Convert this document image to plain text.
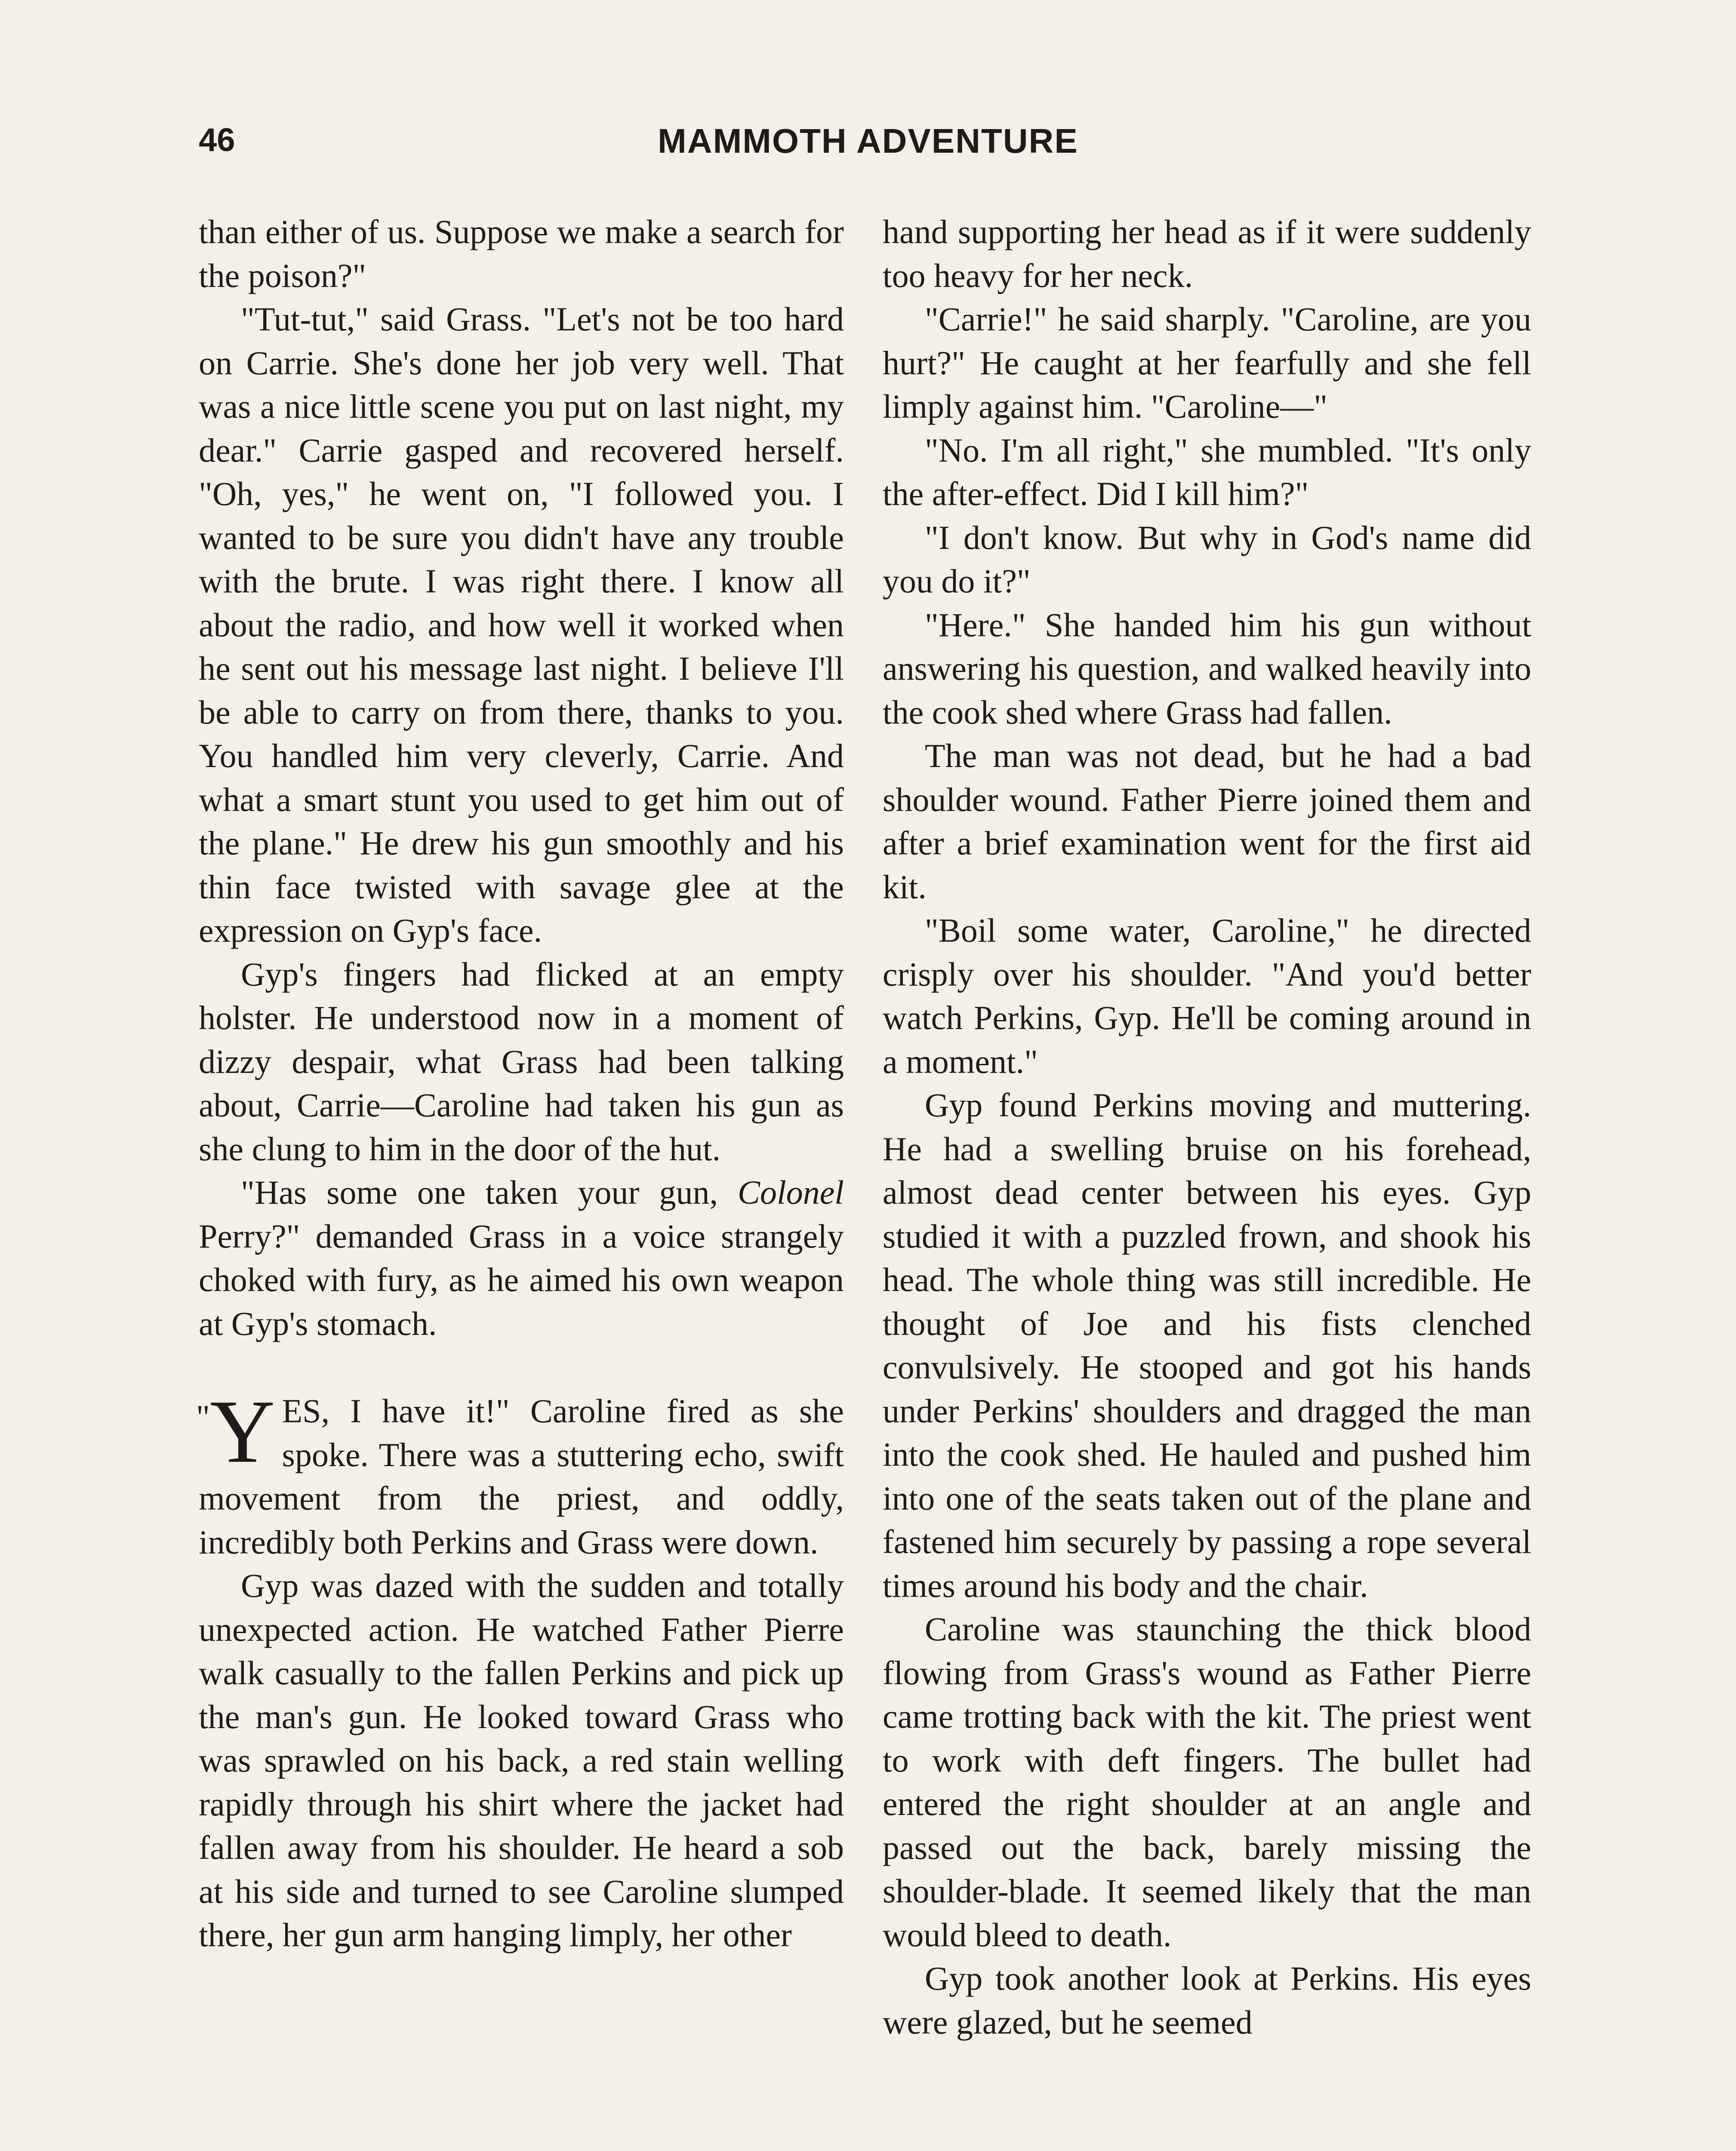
46	MAMMOTH ADVENTURE

than either of us. Suppose we make a search for the poison?"

"Tut-tut," said Grass. "Let's not be too hard on Carrie. She's done her job very well. That was a nice little scene you put on last night, my dear." Carrie gasped and recovered herself. "Oh, yes," he went on, "I followed you. I wanted to be sure you didn't have any trouble with the brute. I was right there. I know all about the radio, and how well it worked when he sent out his message last night. I believe I'll be able to carry on from there, thanks to you. You handled him very cleverly, Carrie. And what a smart stunt you used to get him out of the plane." He drew his gun smoothly and his thin face twisted with savage glee at the expression on Gyp's face.

Gyp's fingers had flicked at an empty holster. He understood now in a moment of dizzy despair, what Grass had been talking about, Carrie—Caroline had taken his gun as she clung to him in the door of the hut.

"Has some one taken your gun, Colonel Perry?" demanded Grass in a voice strangely choked with fury, as he aimed his own weapon at Gyp's stomach.

"Y ES, I have it!" Caroline fired as she spoke. There was a stuttering echo, swift movement from the priest, and oddly, incredibly both Perkins and Grass were down.

Gyp was dazed with the sudden and totally unexpected action. He watched Father Pierre walk casually to the fallen Perkins and pick up the man's gun. He looked toward Grass who was sprawled on his back, a red stain welling rapidly through his shirt where the jacket had fallen away from his shoulder. He heard a sob at his side and turned to see Caroline slumped there, her gun arm hanging limply, her other

hand supporting her head as if it were suddenly too heavy for her neck.

"Carrie!" he said sharply. "Caroline, are you hurt?" He caught at her fearfully and she fell limply against him. "Caroline—"

"No. I'm all right," she mumbled. "It's only the after-effect. Did I kill him?"

"I don't know. But why in God's name did you do it?"

"Here." She handed him his gun without answering his question, and walked heavily into the cook shed where Grass had fallen.

The man was not dead, but he had a bad shoulder wound. Father Pierre joined them and after a brief examination went for the first aid kit.

"Boil some water, Caroline," he directed crisply over his shoulder. "And you'd better watch Perkins, Gyp. He'll be coming around in a moment."

Gyp found Perkins moving and muttering. He had a swelling bruise on his forehead, almost dead center between his eyes. Gyp studied it with a puzzled frown, and shook his head. The whole thing was still incredible. He thought of Joe and his fists clenched convulsively. He stooped and got his hands under Perkins' shoulders and dragged the man into the cook shed. He hauled and pushed him into one of the seats taken out of the plane and fastened him securely by passing a rope several times around his body and the chair.

Caroline was staunching the thick blood flowing from Grass's wound as Father Pierre came trotting back with the kit. The priest went to work with deft fingers. The bullet had entered the right shoulder at an angle and passed out the back, barely missing the shoulder-blade. It seemed likely that the man would bleed to death.

Gyp took another look at Perkins. His eyes were glazed, but he seemed
